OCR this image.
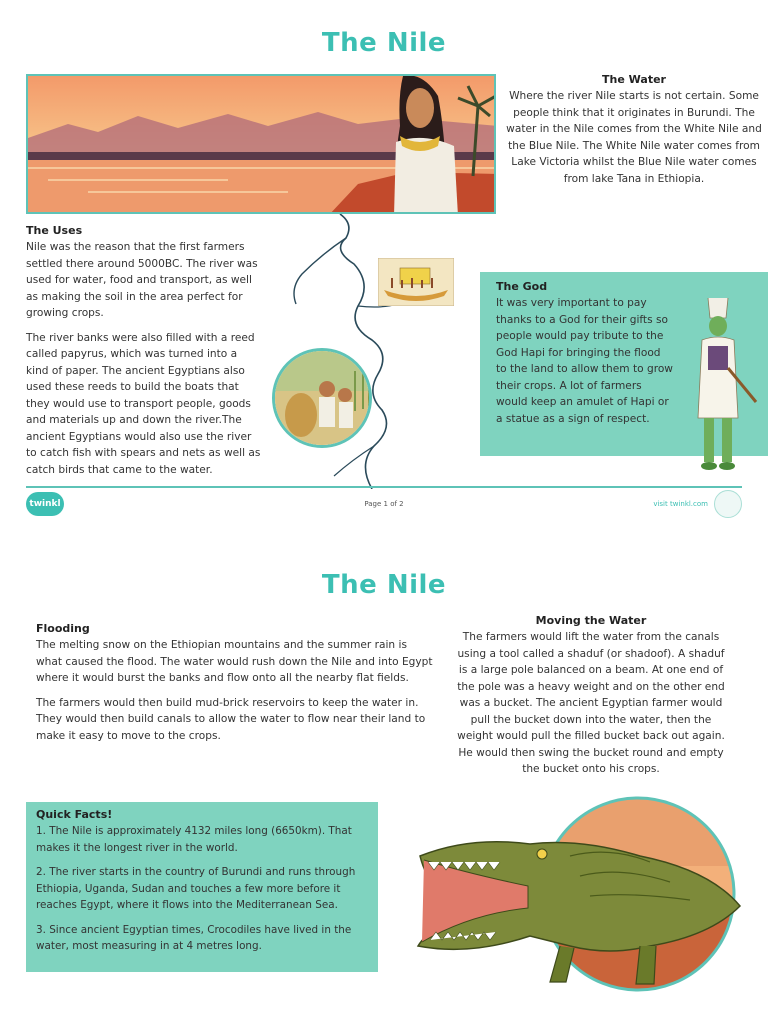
The Nile
The Water
Where the river Nile starts is not certain. Some people think that it originates in Burundi. The water in the Nile comes from the White Nile and the Blue Nile. The White Nile water comes from Lake Victoria whilst the Blue Nile water comes from lake Tana in Ethiopia.
The Uses
Nile was the reason that the first farmers settled there around 5000BC. The river was used for water, food and transport, as well as making the soil in the area perfect for growing crops.
The river banks were also filled with a reed called papyrus, which was turned into a kind of paper. The ancient Egyptians also used these reeds to build the boats that they would use to transport people, goods and materials up and down the river.The ancient Egyptians would also use the river to catch fish with spears and nets as well as catch birds that came to the water.
The God
It was very important to pay thanks to a God for their gifts so people would pay tribute to the God Hapi for bringing the flood to the land to allow them to grow their crops. A lot of farmers would keep an amulet of Hapi or a statue as a sign of respect.
twinkl	Page 1 of 2	visit twinkl.com
The Nile
Flooding
The melting snow on the Ethiopian mountains and the summer rain is what caused the flood. The water would rush down the Nile and into Egypt where it would burst the banks and flow onto all the nearby flat fields.
The farmers would then build mud-brick reservoirs to keep the water in. They would then build canals to allow the water to flow near their land to make it easy to move to the crops.
Moving the Water
The farmers would lift the water from the canals using a tool called a shaduf (or shadoof). A shaduf is a large pole balanced on a beam. At one end of the pole was a heavy weight and on the other end was a bucket. The ancient Egyptian farmer would pull the bucket down into the water, then the weight would pull the filled bucket back out again. He would then swing the bucket round and empty the bucket onto his crops.
Quick Facts!
1. The Nile is approximately 4132 miles long (6650km). That makes it the longest river in the world.
2. The river starts in the country of Burundi and runs through Ethiopia, Uganda, Sudan and touches a few more before it reaches Egypt, where it flows into the Mediterranean Sea.
3. Since ancient Egyptian times, Crocodiles have lived in the water, most measuring in at 4 metres long.
